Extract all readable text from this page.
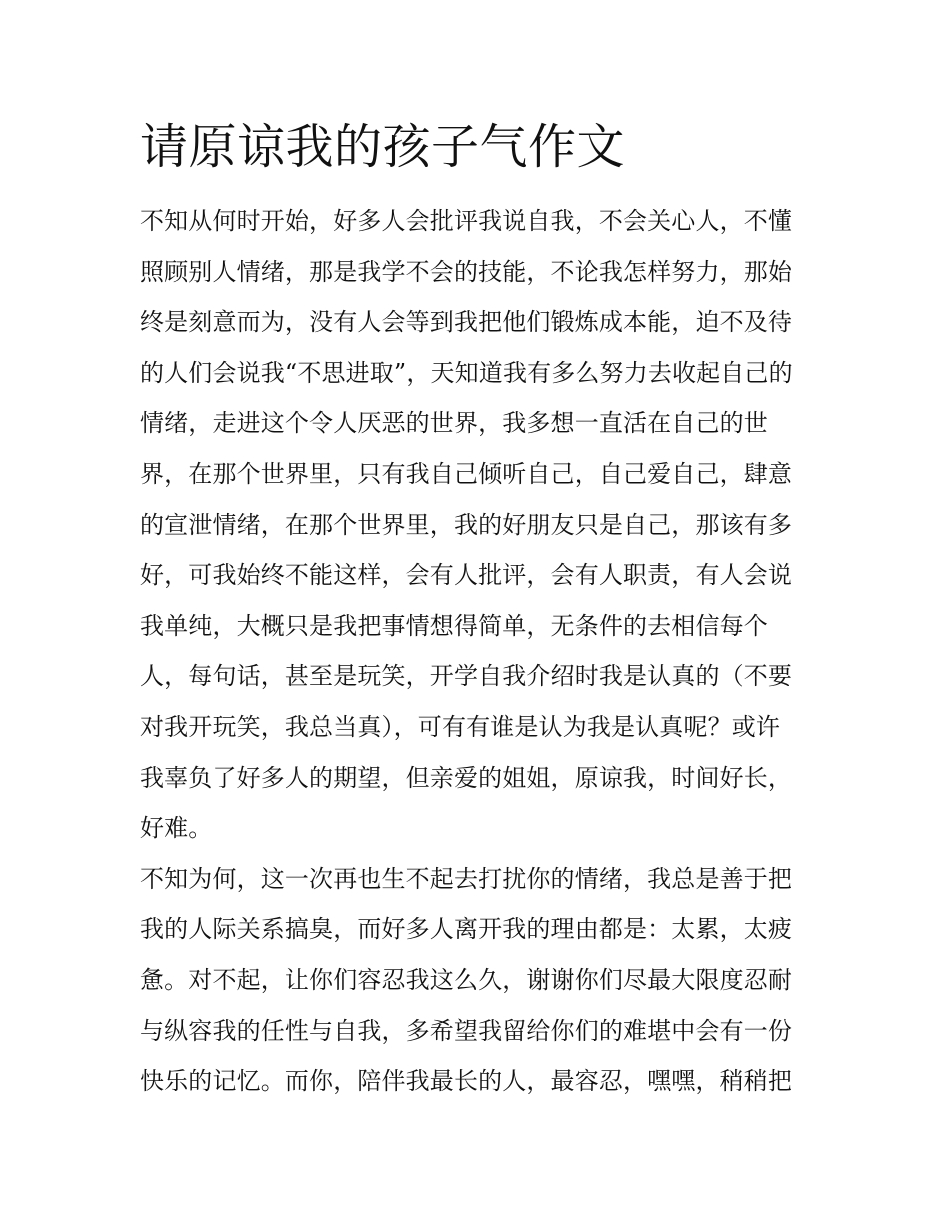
请原谅我的孩子气作文
不知从何时开始，好多人会批评我说自我，不会关心人，不懂
照顾别人情绪，那是我学不会的技能，不论我怎样努力，那始
终是刻意而为，没有人会等到我把他们锻炼成本能，迫不及待
的人们会说我“不思进取”，天知道我有多么努力去收起自己的
情绪，走进这个令人厌恶的世界，我多想一直活在自己的世
界，在那个世界里，只有我自己倾听自己，自己爱自己，肆意
的宣泄情绪，在那个世界里，我的好朋友只是自己，那该有多
好，可我始终不能这样，会有人批评，会有人职责，有人会说
我单纯，大概只是我把事情想得简单，无条件的去相信每个
人，每句话，甚至是玩笑，开学自我介绍时我是认真的（不要
对我开玩笑，我总当真），可有有谁是认为我是认真呢？或许
我辜负了好多人的期望，但亲爱的姐姐，原谅我，时间好长，
好难。
不知为何，这一次再也生不起去打扰你的情绪，我总是善于把
我的人际关系搞臭，而好多人离开我的理由都是：太累，太疲
惫。对不起，让你们容忍我这么久，谢谢你们尽最大限度忍耐
与纵容我的任性与自我，多希望我留给你们的难堪中会有一份
快乐的记忆。而你，陪伴我最长的人，最容忍，嘿嘿，稍稍把
